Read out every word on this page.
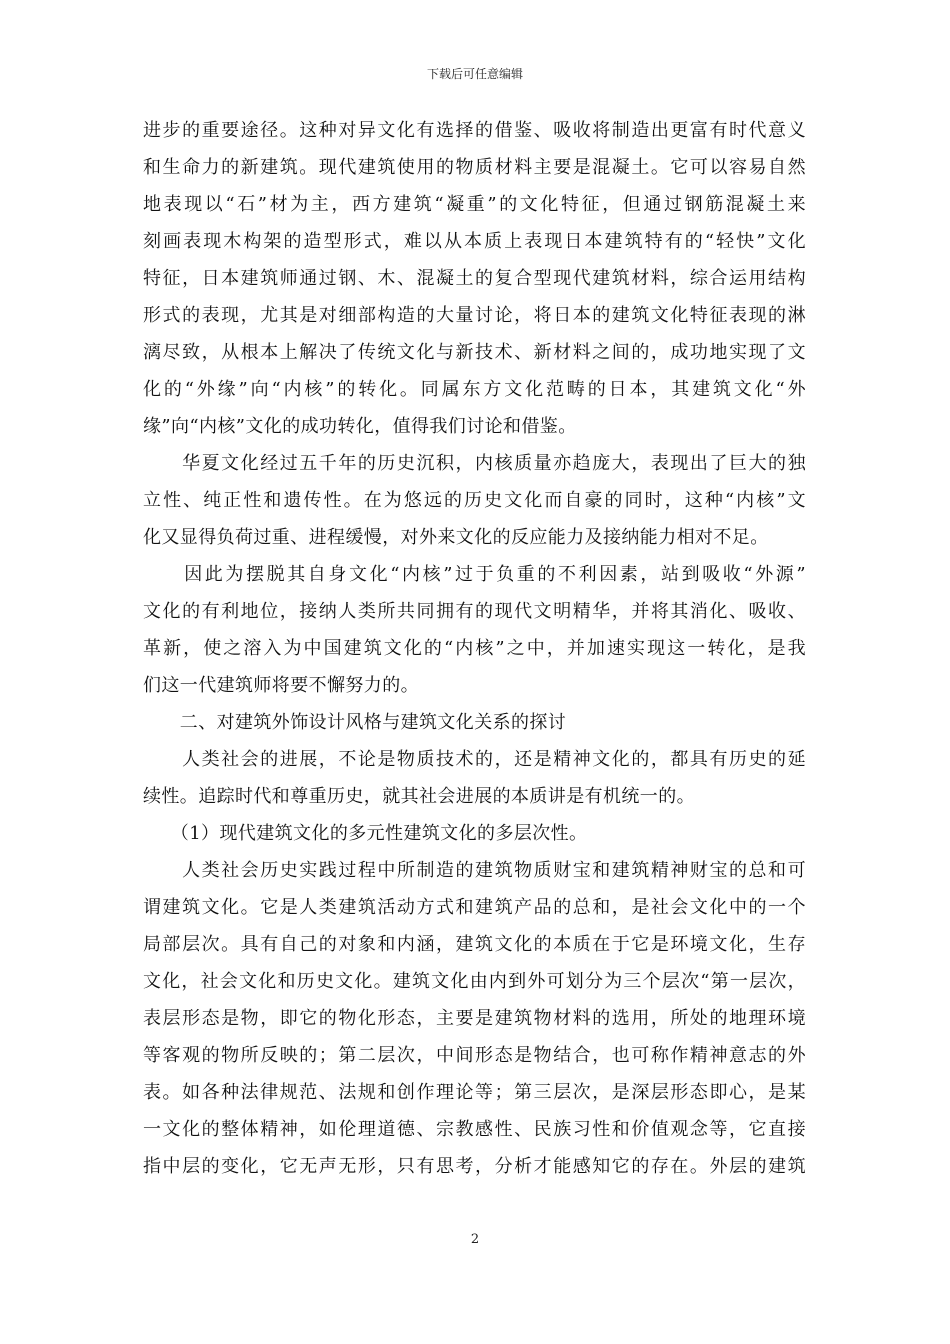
下载后可任意编辑
进步的重要途径。这种对异文化有选择的借鉴、吸收将制造出更富有时代意义
和生命力的新建筑。现代建筑使用的物质材料主要是混凝土。它可以容易自然
地表现以“石”材为主，西方建筑“凝重”的文化特征，但通过钢筋混凝土来
刻画表现木构架的造型形式，难以从本质上表现日本建筑特有的“轻快”文化
特征，日本建筑师通过钢、木、混凝土的复合型现代建筑材料，综合运用结构
形式的表现，尤其是对细部构造的大量讨论，将日本的建筑文化特征表现的淋
漓尽致，从根本上解决了传统文化与新技术、新材料之间的，成功地实现了文
化的“外缘”向“内核”的转化。同属东方文化范畴的日本，其建筑文化“外
缘”向“内核”文化的成功转化，值得我们讨论和借鉴。
　　华夏文化经过五千年的历史沉积，内核质量亦趋庞大，表现出了巨大的独
立性、纯正性和遗传性。在为悠远的历史文化而自豪的同时，这种“内核”文
化又显得负荷过重、进程缓慢，对外来文化的反应能力及接纳能力相对不足。
　　因此为摆脱其自身文化“内核”过于负重的不利因素，站到吸收“外源”
文化的有利地位，接纳人类所共同拥有的现代文明精华，并将其消化、吸收、
革新，使之溶入为中国建筑文化的“内核”之中，并加速实现这一转化，是我
们这一代建筑师将要不懈努力的。
　　二、对建筑外饰设计风格与建筑文化关系的探讨
　　人类社会的进展，不论是物质技术的，还是精神文化的，都具有历史的延
续性。追踪时代和尊重历史，就其社会进展的本质讲是有机统一的。
　　（1）现代建筑文化的多元性建筑文化的多层次性。
　　人类社会历史实践过程中所制造的建筑物质财宝和建筑精神财宝的总和可
谓建筑文化。它是人类建筑活动方式和建筑产品的总和，是社会文化中的一个
局部层次。具有自己的对象和内涵，建筑文化的本质在于它是环境文化，生存
文化，社会文化和历史文化。建筑文化由内到外可划分为三个层次“第一层次，
表层形态是物，即它的物化形态，主要是建筑物材料的选用，所处的地理环境
等客观的物所反映的；第二层次，中间形态是物结合，也可称作精神意志的外
表。如各种法律规范、法规和创作理论等；第三层次，是深层形态即心，是某
一文化的整体精神，如伦理道德、宗教感性、民族习性和价值观念等，它直接
指中层的变化，它无声无形，只有思考，分析才能感知它的存在。外层的建筑
2
